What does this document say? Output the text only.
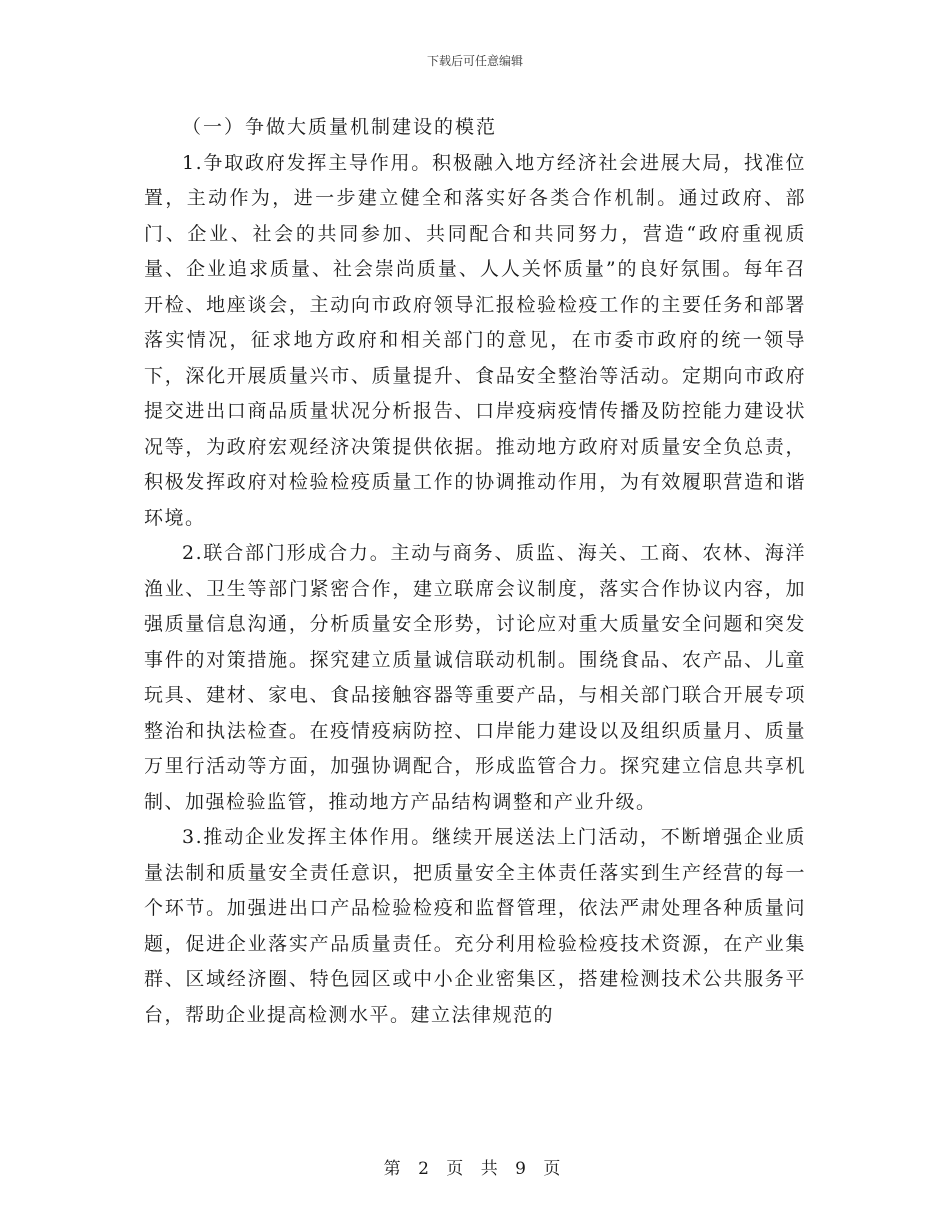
下载后可任意编辑

（一）争做大质量机制建设的模范

1.争取政府发挥主导作用。积极融入地方经济社会进展大局，找准位置，主动作为，进一步建立健全和落实好各类合作机制。通过政府、部门、企业、社会的共同参加、共同配合和共同努力，营造“政府重视质量、企业追求质量、社会崇尚质量、人人关怀质量”的良好氛围。每年召开检、地座谈会，主动向市政府领导汇报检验检疫工作的主要任务和部署落实情况，征求地方政府和相关部门的意见，在市委市政府的统一领导下，深化开展质量兴市、质量提升、食品安全整治等活动。定期向市政府提交进出口商品质量状况分析报告、口岸疫病疫情传播及防控能力建设状况等，为政府宏观经济决策提供依据。推动地方政府对质量安全负总责，积极发挥政府对检验检疫质量工作的协调推动作用，为有效履职营造和谐环境。

2.联合部门形成合力。主动与商务、质监、海关、工商、农林、海洋渔业、卫生等部门紧密合作，建立联席会议制度，落实合作协议内容，加强质量信息沟通，分析质量安全形势，讨论应对重大质量安全问题和突发事件的对策措施。探究建立质量诚信联动机制。围绕食品、农产品、儿童玩具、建材、家电、食品接触容器等重要产品，与相关部门联合开展专项整治和执法检查。在疫情疫病防控、口岸能力建设以及组织质量月、质量万里行活动等方面，加强协调配合，形成监管合力。探究建立信息共享机制、加强检验监管，推动地方产品结构调整和产业升级。

3.推动企业发挥主体作用。继续开展送法上门活动，不断增强企业质量法制和质量安全责任意识，把质量安全主体责任落实到生产经营的每一个环节。加强进出口产品检验检疫和监督管理，依法严肃处理各种质量问题，促进企业落实产品质量责任。充分利用检验检疫技术资源，在产业集群、区域经济圈、特色园区或中小企业密集区，搭建检测技术公共服务平台，帮助企业提高检测水平。建立法律规范的

第 2 页 共 9 页
